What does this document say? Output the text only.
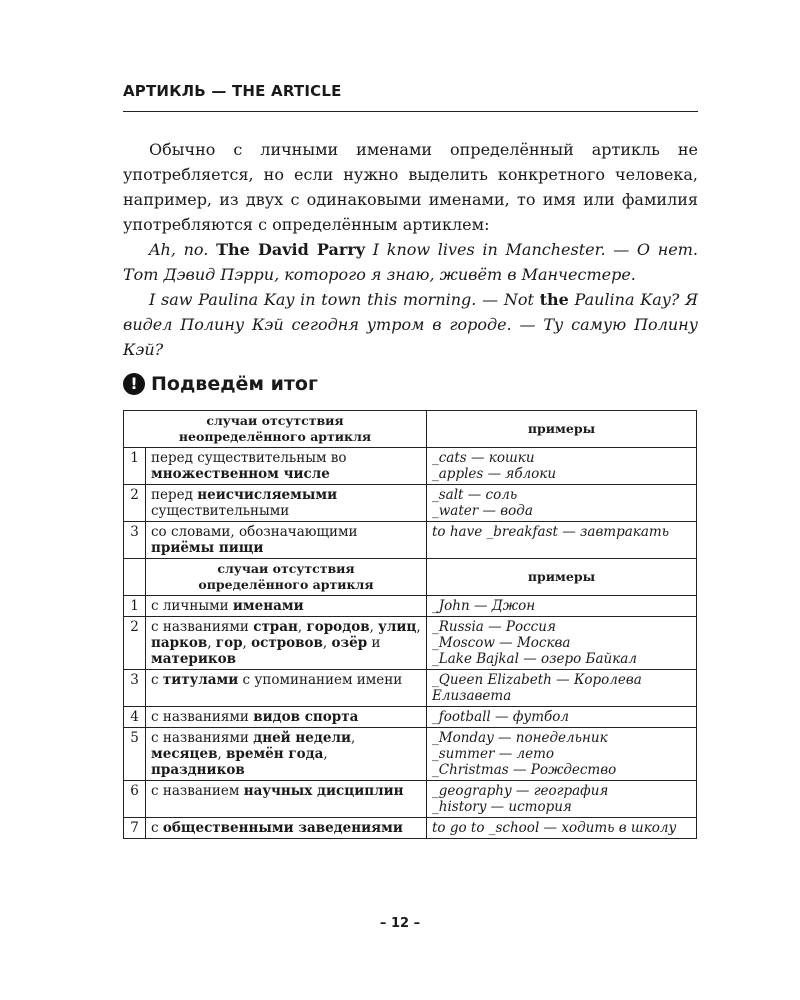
АРТИКЛЬ — THE ARTICLE

Обычно с личными именами определённый артикль не употребляется, но если нужно выделить конкретного человека, например, из двух с одинаковыми именами, то имя или фамилия употребляются с определённым артиклем:

Ah, no. The David Parry I know lives in Manchester. — О нет. Тот Дэвид Пэрри, которого я знаю, живёт в Манчестере.

I saw Paulina Kay in town this morning. — Not the Paulina Kay? Я видел Полину Кэй сегодня утром в городе. — Ту самую Полину Кэй?

! Подведём итог
случаи отсутствия
неопределённого артикля		примеры
1	перед существительным во множественном числе	_cats — кошки
_apples — яблоки
2	перед неисчисляемыми существительными	_salt — соль
_water — вода
3	со словами, обозначающими приёмы пищи	to have _breakfast — завтракать
	случаи отсутствия
определённого артикля	примеры
1	с личными именами	_John — Джон
2	с названиями стран, городов, улиц, парков, гор, островов, озёр и материков	_Russia — Россия
_Moscow — Москва
_Lake Bajkal — озеро Байкал
3	с титулами с упоминанием имени	_Queen Elizabeth — Королева Елизавета
4	с названиями видов спорта	_football — футбол
5	с названиями дней недели, месяцев, времён года, праздников	_Monday — понедельник
_summer — лето
_Christmas — Рождество
6	с названием научных дисциплин	_geography — география
_history — история
7	с общественными заведениями	to go to _school — ходить в школу
– 12 –
